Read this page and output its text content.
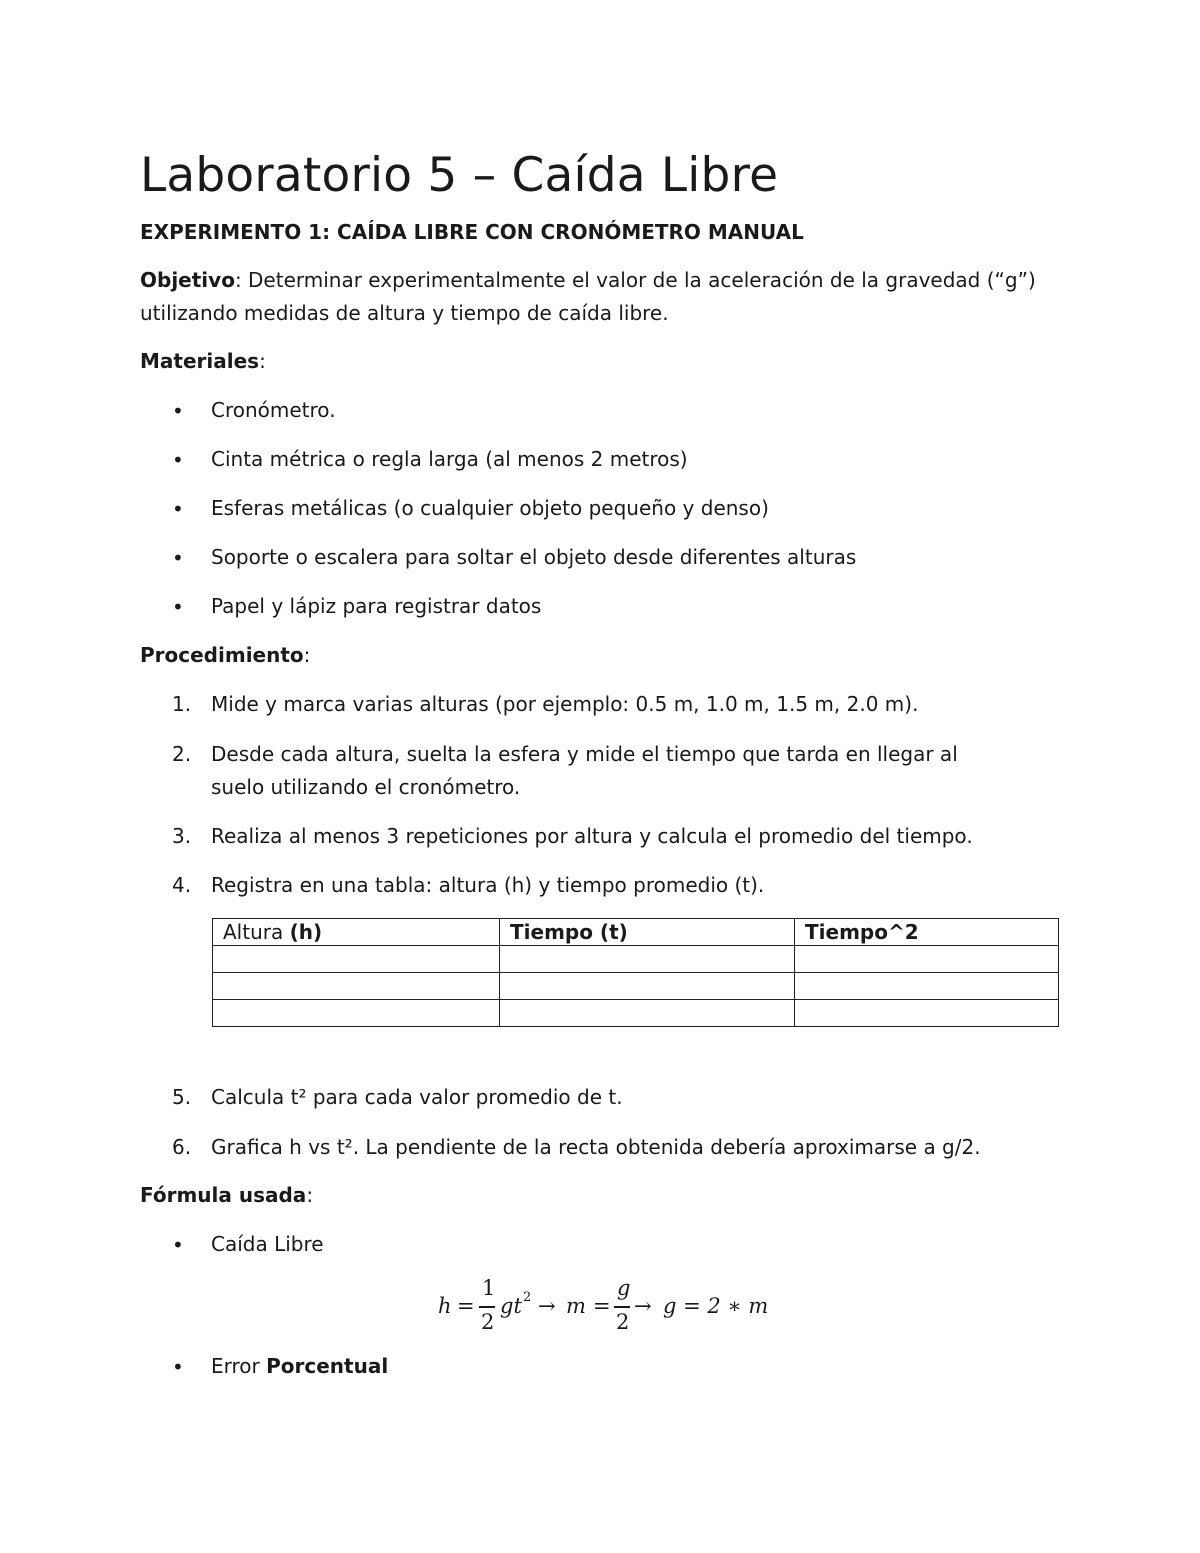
Laboratorio 5 – Caída Libre
EXPERIMENTO 1: CAÍDA LIBRE CON CRONÓMETRO MANUAL
Objetivo: Determinar experimentalmente el valor de la aceleración de la gravedad (“g”)
utilizando medidas de altura y tiempo de caída libre.
Materiales:
• Cronómetro.
• Cinta métrica o regla larga (al menos 2 metros)
• Esferas metálicas (o cualquier objeto pequeño y denso)
• Soporte o escalera para soltar el objeto desde diferentes alturas
• Papel y lápiz para registrar datos
Procedimiento:
1. Mide y marca varias alturas (por ejemplo: 0.5 m, 1.0 m, 1.5 m, 2.0 m).
2. Desde cada altura, suelta la esfera y mide el tiempo que tarda en llegar al
suelo utilizando el cronómetro.
3. Realiza al menos 3 repeticiones por altura y calcula el promedio del tiempo.
4. Registra en una tabla: altura (h) y tiempo promedio (t).
Altura (h)	Tiempo (t)	Tiempo^2

5. Calcula t² para cada valor promedio de t.
6. Grafica h vs t². La pendiente de la recta obtenida debería aproximarse a g/2.
Fórmula usada:
• Caída Libre
h =
1
2
gt 2 → m =
g
2
→ g = 2 ∗ m
• Error Porcentual
